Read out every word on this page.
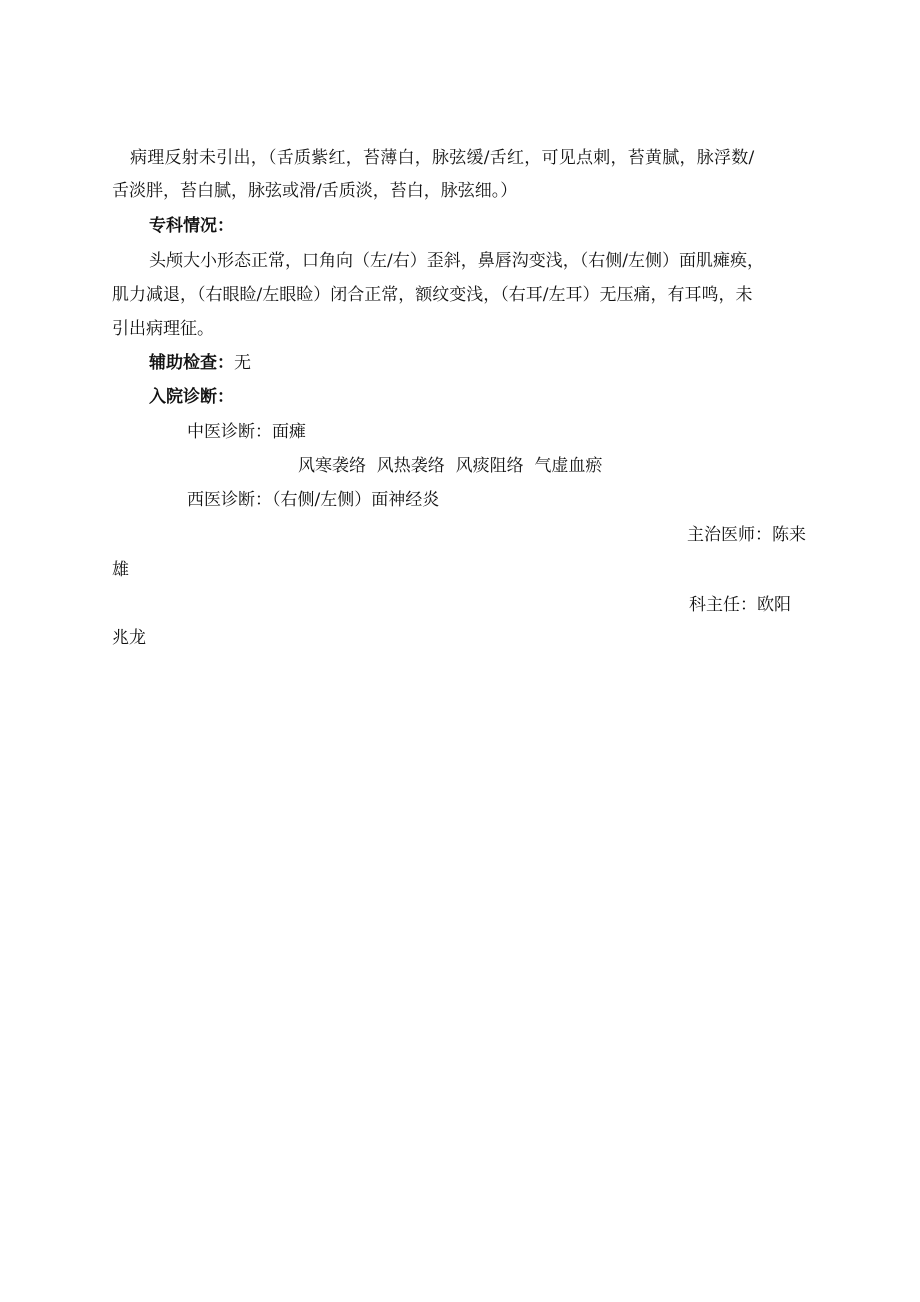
病理反射未引出，（舌质紫红，苔薄白，脉弦缓/舌红，可见点刺，苔黄腻，脉浮数/
舌淡胖，苔白腻，脉弦或滑/舌质淡，苔白，脉弦细。）
专科情况：
头颅大小形态正常，口角向（左/右）歪斜，鼻唇沟变浅，（右侧/左侧）面肌瘫痪，
肌力减退，（右眼睑/左眼睑）闭合正常，额纹变浅，（右耳/左耳）无压痛，有耳鸣，未
引出病理征。
辅助检查：无
入院诊断：
中医诊断：面瘫
风寒袭络  风热袭络  风痰阻络  气虚血瘀
西医诊断：（右侧/左侧）面神经炎
主治医师：陈来
雄
科主任：欧阳
兆龙
